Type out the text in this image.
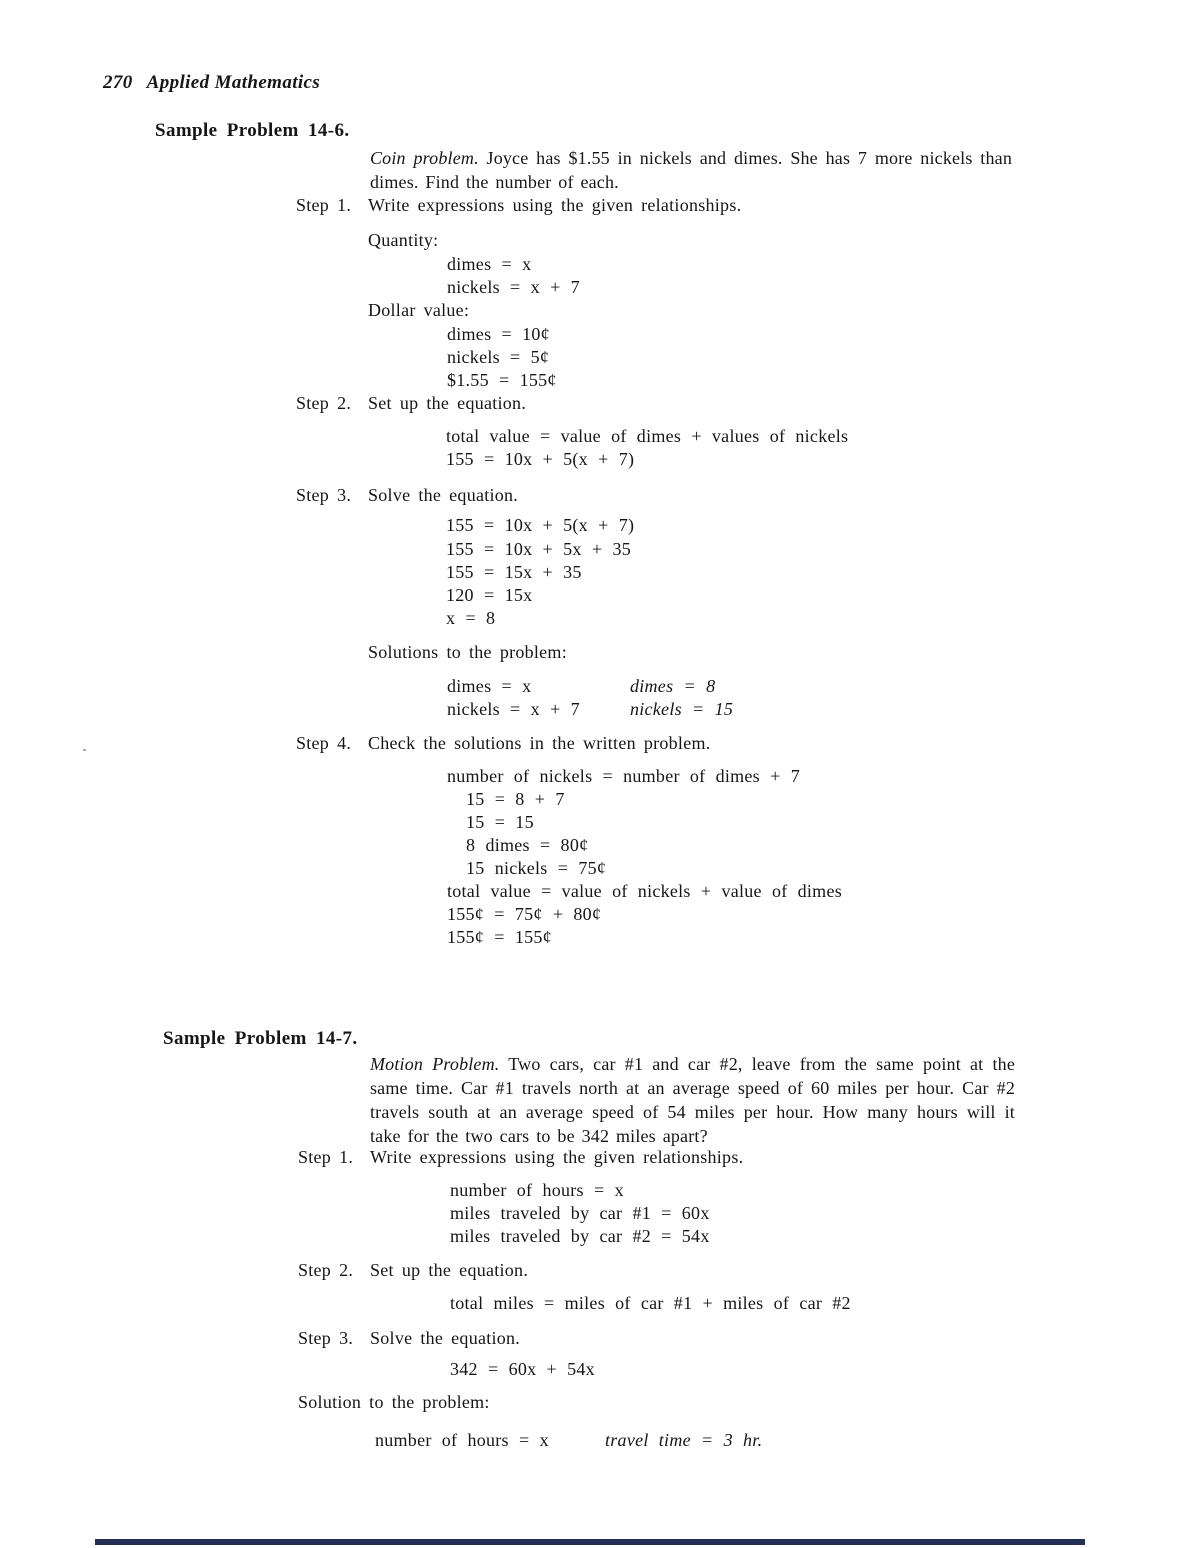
270 Applied Mathematics
Sample Problem 14-6.
Coin problem. Joyce has $1.55 in nickels and dimes. She has 7 more nickels than dimes. Find the number of each.
Step 1. Write expressions using the given relationships.
Quantity:
dimes = x
nickels = x + 7
Dollar value:
dimes = 10¢
nickels = 5¢
$1.55 = 155¢
Step 2. Set up the equation.
total value = value of dimes + values of nickels
155 = 10x + 5(x + 7)
Step 3. Solve the equation.
155 = 10x + 5(x + 7)
155 = 10x + 5x + 35
155 = 15x + 35
120 = 15x
x = 8
Solutions to the problem:
dimes = x	dimes = 8
nickels = x + 7	nickels = 15
Step 4. Check the solutions in the written problem.
number of nickels = number of dimes + 7
15 = 8 + 7
15 = 15
8 dimes = 80¢
15 nickels = 75¢
total value = value of nickels + value of dimes
155¢ = 75¢ + 80¢
155¢ = 155¢
Sample Problem 14-7.
Motion Problem. Two cars, car #1 and car #2, leave from the same point at the same time. Car #1 travels north at an average speed of 60 miles per hour. Car #2 travels south at an average speed of 54 miles per hour. How many hours will it take for the two cars to be 342 miles apart?
Step 1. Write expressions using the given relationships.
number of hours = x
miles traveled by car #1 = 60x
miles traveled by car #2 = 54x
Step 2. Set up the equation.
total miles = miles of car #1 + miles of car #2
Step 3. Solve the equation.
342 = 60x + 54x
Solution to the problem:
number of hours = x	travel time = 3 hr.
